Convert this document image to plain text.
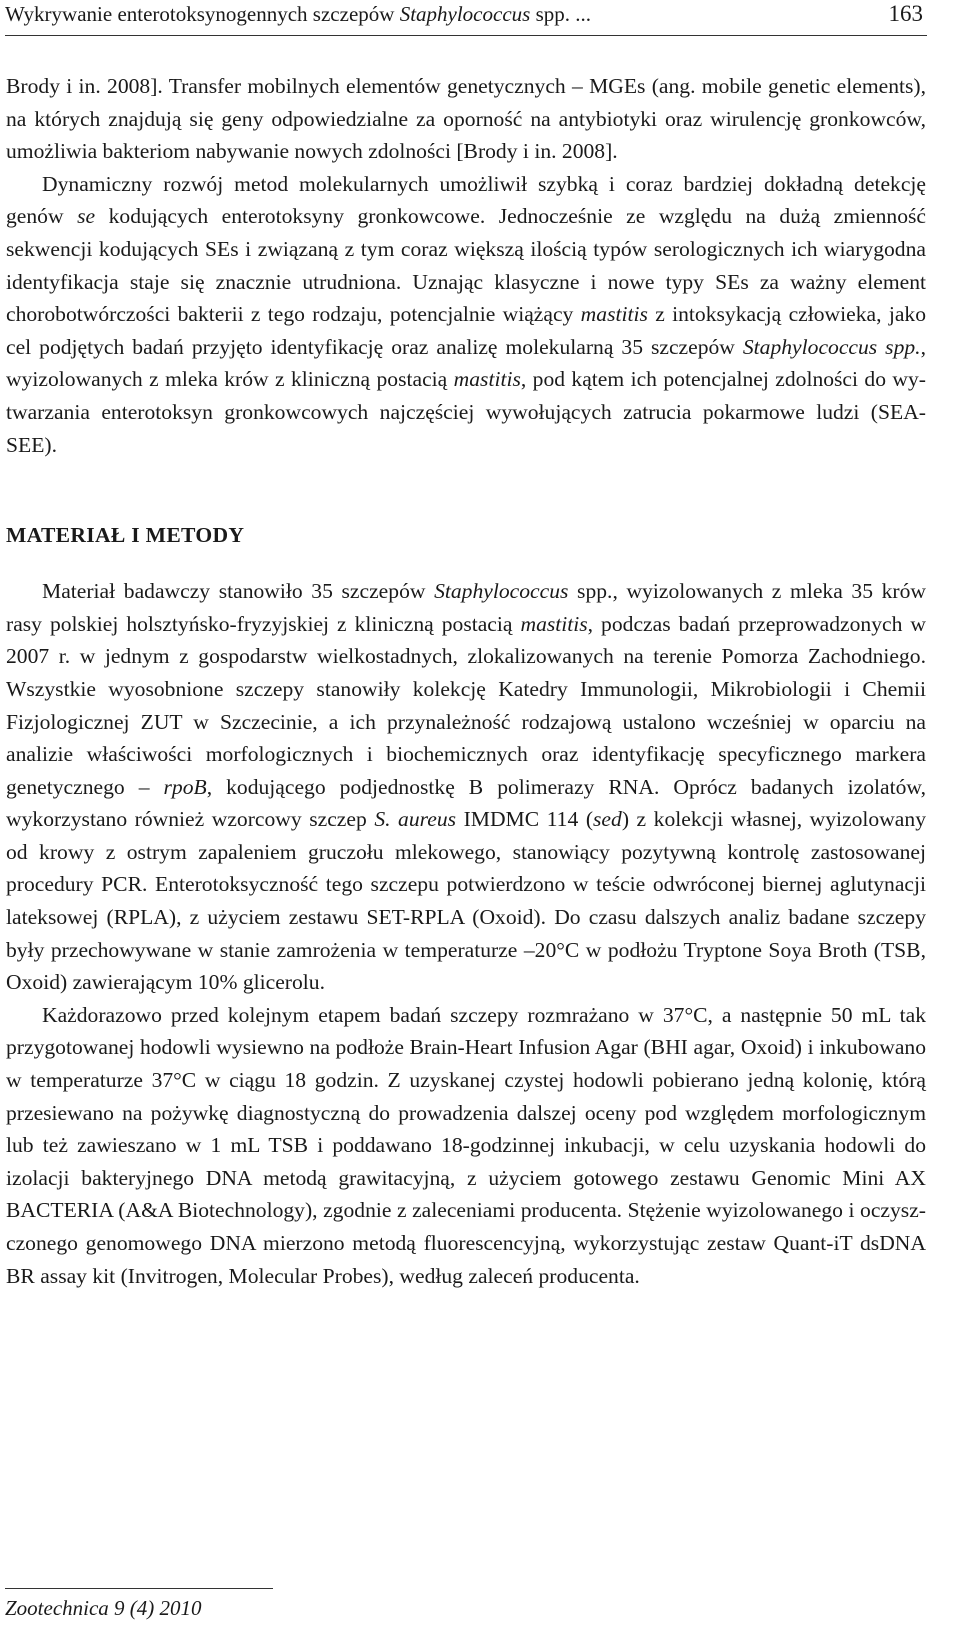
Wykrywanie enterotoksynogennych szczepów Staphylococcus spp. ...	163

Brody i in. 2008]. Transfer mobilnych elementów genetycznych – MGEs (ang. mobile genetic elements), na których znajdują się geny odpowiedzialne za oporność na antybiotyki oraz wirulencję gronkowców, umożliwia bakteriom nabywanie nowych zdolności [Brody i in. 2008].

Dynamiczny rozwój metod molekularnych umożliwił szybką i coraz bardziej dokładną detekcję genów se kodujących enterotoksyny gronkowcowe. Jednocześnie ze względu na dużą zmienność sekwencji kodujących SEs i związaną z tym coraz większą ilością typów serologicznych ich wiarygodna identyfikacja staje się znacznie utrudniona. Uznając klasyczne i nowe typy SEs za ważny element chorobotwórczości bakterii z tego rodzaju, potencjalnie wiążący mastitis z intoksykacją człowieka, jako cel podjętych badań przyjęto identyfikację oraz analizę molekularną 35 szczepów Staphylococcus spp., wyizolowanych z mleka krów z kliniczną postacią mastitis, pod kątem ich potencjalnej zdolności do wytwarzania enterotoksyn gronkowcowych najczęściej wywołujących zatrucia pokarmowe ludzi (SEA-SEE).

MATERIAŁ I METODY

Materiał badawczy stanowiło 35 szczepów Staphylococcus spp., wyizolowanych z mleka 35 krów rasy polskiej holsztyńsko-fryzyjskiej z kliniczną postacią mastitis, podczas badań przeprowadzonych w 2007 r. w jednym z gospodarstw wielkostadnych, zlokalizowanych na terenie Pomorza Zachodniego. Wszystkie wyosobnione szczepy stanowiły kolekcję Katedry Immunologii, Mikrobiologii i Chemii Fizjologicznej ZUT w Szczecinie, a ich przynależność rodzajową ustalono wcześniej w oparciu na analizie właściwości morfologicznych i biochemicznych oraz identyfikację specyficznego markera genetycznego – rpoB, kodującego podjednostkę B polimerazy RNA. Oprócz badanych izolatów, wykorzystano również wzorcowy szczep S. aureus IMDMC 114 (sed) z kolekcji własnej, wyizolowany od krowy z ostrym zapaleniem gruczołu mlekowego, stanowiący pozytywną kontrolę zastosowanej procedury PCR. Enterotoksyczność tego szczepu potwierdzono w teście odwróconej biernej aglutynacji lateksowej (RPLA), z użyciem zestawu SET-RPLA (Oxoid). Do czasu dalszych analiz badane szczepy były przechowywane w stanie zamrożenia w temperaturze –20°C w podłożu Tryptone Soya Broth (TSB, Oxoid) zawierającym 10% glicerolu.

Każdorazowo przed kolejnym etapem badań szczepy rozmrażano w 37°C, a następnie 50 mL tak przygotowanej hodowli wysiewno na podłoże Brain-Heart Infusion Agar (BHI agar, Oxoid) i inkubowano w temperaturze 37°C w ciągu 18 godzin. Z uzyskanej czystej hodowli pobierano jedną kolonię, którą przesiewano na pożywkę diagnostyczną do prowadzenia dalszej oceny pod względem morfologicznym lub też zawieszano w 1 mL TSB i poddawano 18-godzinnej inkubacji, w celu uzyskania hodowli do izolacji bakteryjnego DNA metodą grawitacyjną, z użyciem gotowego zestawu Genomic Mini AX BACTERIA (A&A Biotechnology), zgodnie z zaleceniami producenta. Stężenie wyizolowanego i oczyszczonego genomowego DNA mierzono metodą fluorescencyjną, wykorzystując zestaw Quant-iT dsDNA BR assay kit (Invitrogen, Molecular Probes), według zaleceń producenta.

Zootechnica 9 (4) 2010
